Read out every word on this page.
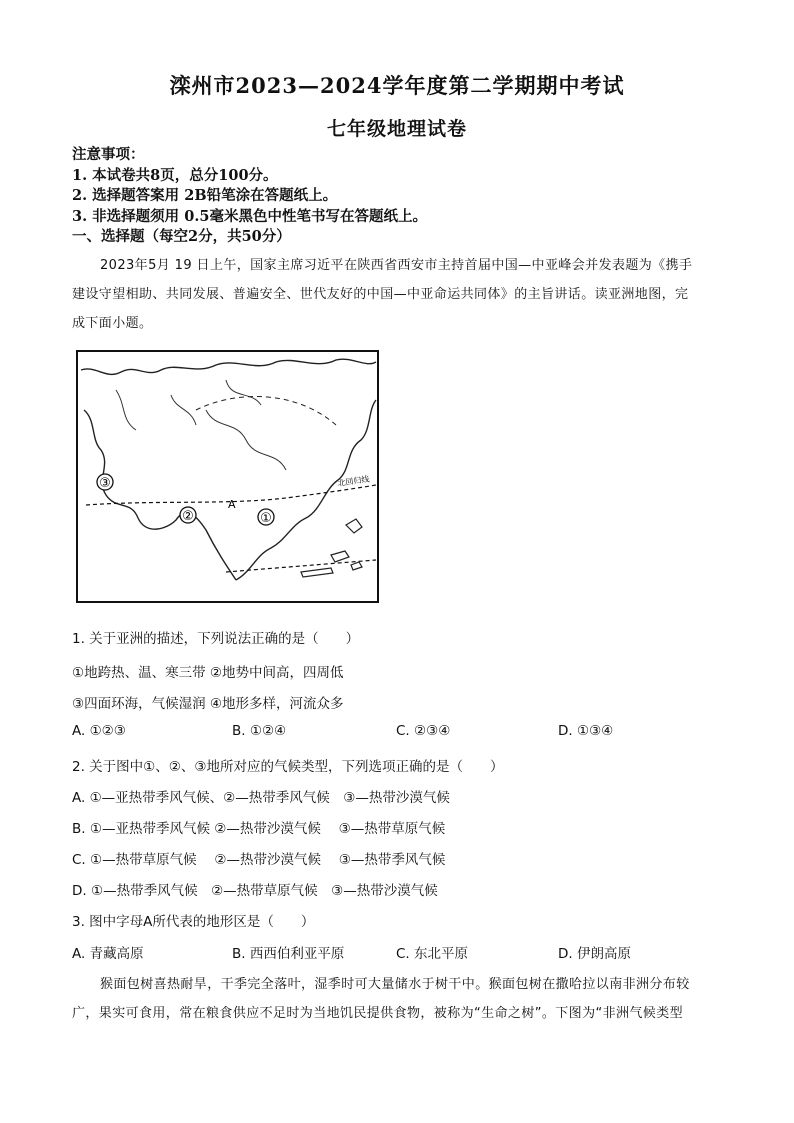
滦州市2023—2024学年度第二学期期中考试
七年级地理试卷
注意事项：
1. 本试卷共8页，总分100分。
2. 选择题答案用 2B铅笔涂在答题纸上。
3. 非选择题须用 0.5毫米黑色中性笔书写在答题纸上。
一、选择题（每空2分，共50分）
2023年5月 19 日上午，国家主席习近平在陕西省西安市主持首届中国—中亚峰会并发表题为《携手
建设守望相助、共同发展、普遍安全、世代友好的中国—中亚命运共同体》的主旨讲话。读亚洲地图，完
成下面小题。
③
②	①
A
北回归线
1. 关于亚洲的描述，下列说法正确的是（　　）
①地跨热、温、寒三带 ②地势中间高，四周低
③四面环海，气候湿润 ④地形多样，河流众多
A. ①②③	B. ①②④	C. ②③④	D. ①③④
2. 关于图中①、②、③地所对应的气候类型，下列选项正确的是（　　）
A. ①—亚热带季风气候、②—热带季风气候　③—热带沙漠气候
B. ①—亚热带季风气候 ②—热带沙漠气候　 ③—热带草原气候
C. ①—热带草原气候　 ②—热带沙漠气候　 ③—热带季风气候
D. ①—热带季风气候　②—热带草原气候　③—热带沙漠气候
3. 图中字母A所代表的地形区是（　　）
A. 青藏高原	B. 西西伯利亚平原	C. 东北平原	D. 伊朗高原
猴面包树喜热耐旱，干季完全落叶，湿季时可大量储水于树干中。猴面包树在撒哈拉以南非洲分布较
广，果实可食用，常在粮食供应不足时为当地饥民提供食物，被称为“生命之树”。下图为“非洲气候类型
